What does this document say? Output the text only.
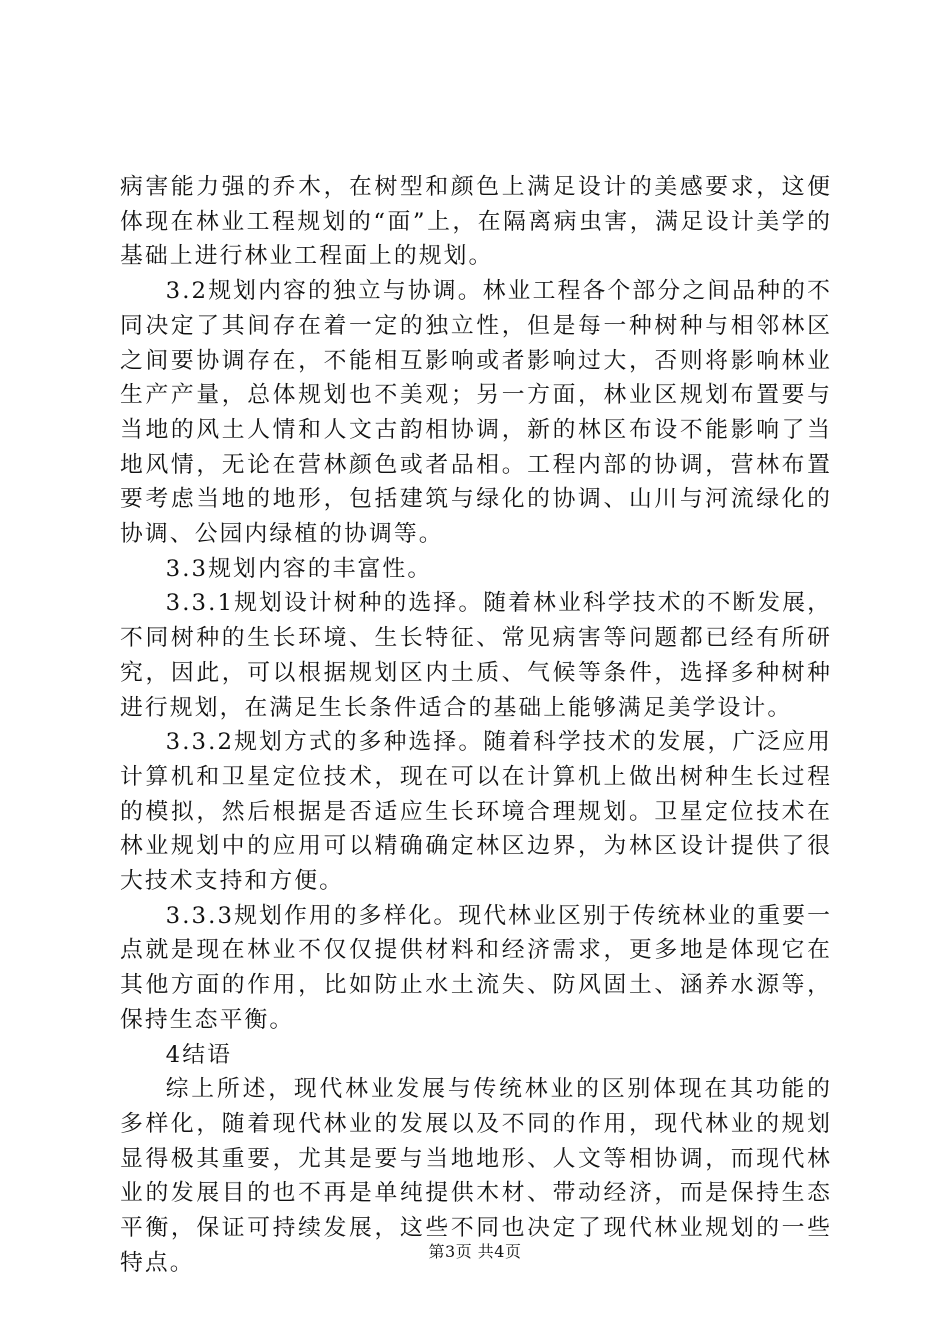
病害能力强的乔木，在树型和颜色上满足设计的美感要求，这便体现在林业工程规划的“面”上，在隔离病虫害，满足设计美学的基础上进行林业工程面上的规划。

3.2规划内容的独立与协调。林业工程各个部分之间品种的不同决定了其间存在着一定的独立性，但是每一种树种与相邻林区之间要协调存在，不能相互影响或者影响过大，否则将影响林业生产产量，总体规划也不美观；另一方面，林业区规划布置要与当地的风土人情和人文古韵相协调，新的林区布设不能影响了当地风情，无论在营林颜色或者品相。工程内部的协调，营林布置要考虑当地的地形，包括建筑与绿化的协调、山川与河流绿化的协调、公园内绿植的协调等。

3.3规划内容的丰富性。

3.3.1规划设计树种的选择。随着林业科学技术的不断发展，不同树种的生长环境、生长特征、常见病害等问题都已经有所研究，因此，可以根据规划区内土质、气候等条件，选择多种树种进行规划，在满足生长条件适合的基础上能够满足美学设计。

3.3.2规划方式的多种选择。随着科学技术的发展，广泛应用计算机和卫星定位技术，现在可以在计算机上做出树种生长过程的模拟，然后根据是否适应生长环境合理规划。卫星定位技术在林业规划中的应用可以精确确定林区边界，为林区设计提供了很大技术支持和方便。

3.3.3规划作用的多样化。现代林业区别于传统林业的重要一点就是现在林业不仅仅提供材料和经济需求，更多地是体现它在其他方面的作用，比如防止水土流失、防风固土、涵养水源等，保持生态平衡。

4结语

综上所述，现代林业发展与传统林业的区别体现在其功能的多样化，随着现代林业的发展以及不同的作用，现代林业的规划显得极其重要，尤其是要与当地地形、人文等相协调，而现代林业的发展目的也不再是单纯提供木材、带动经济，而是保持生态平衡，保证可持续发展，这些不同也决定了现代林业规划的一些特点。	第3页 共4页
